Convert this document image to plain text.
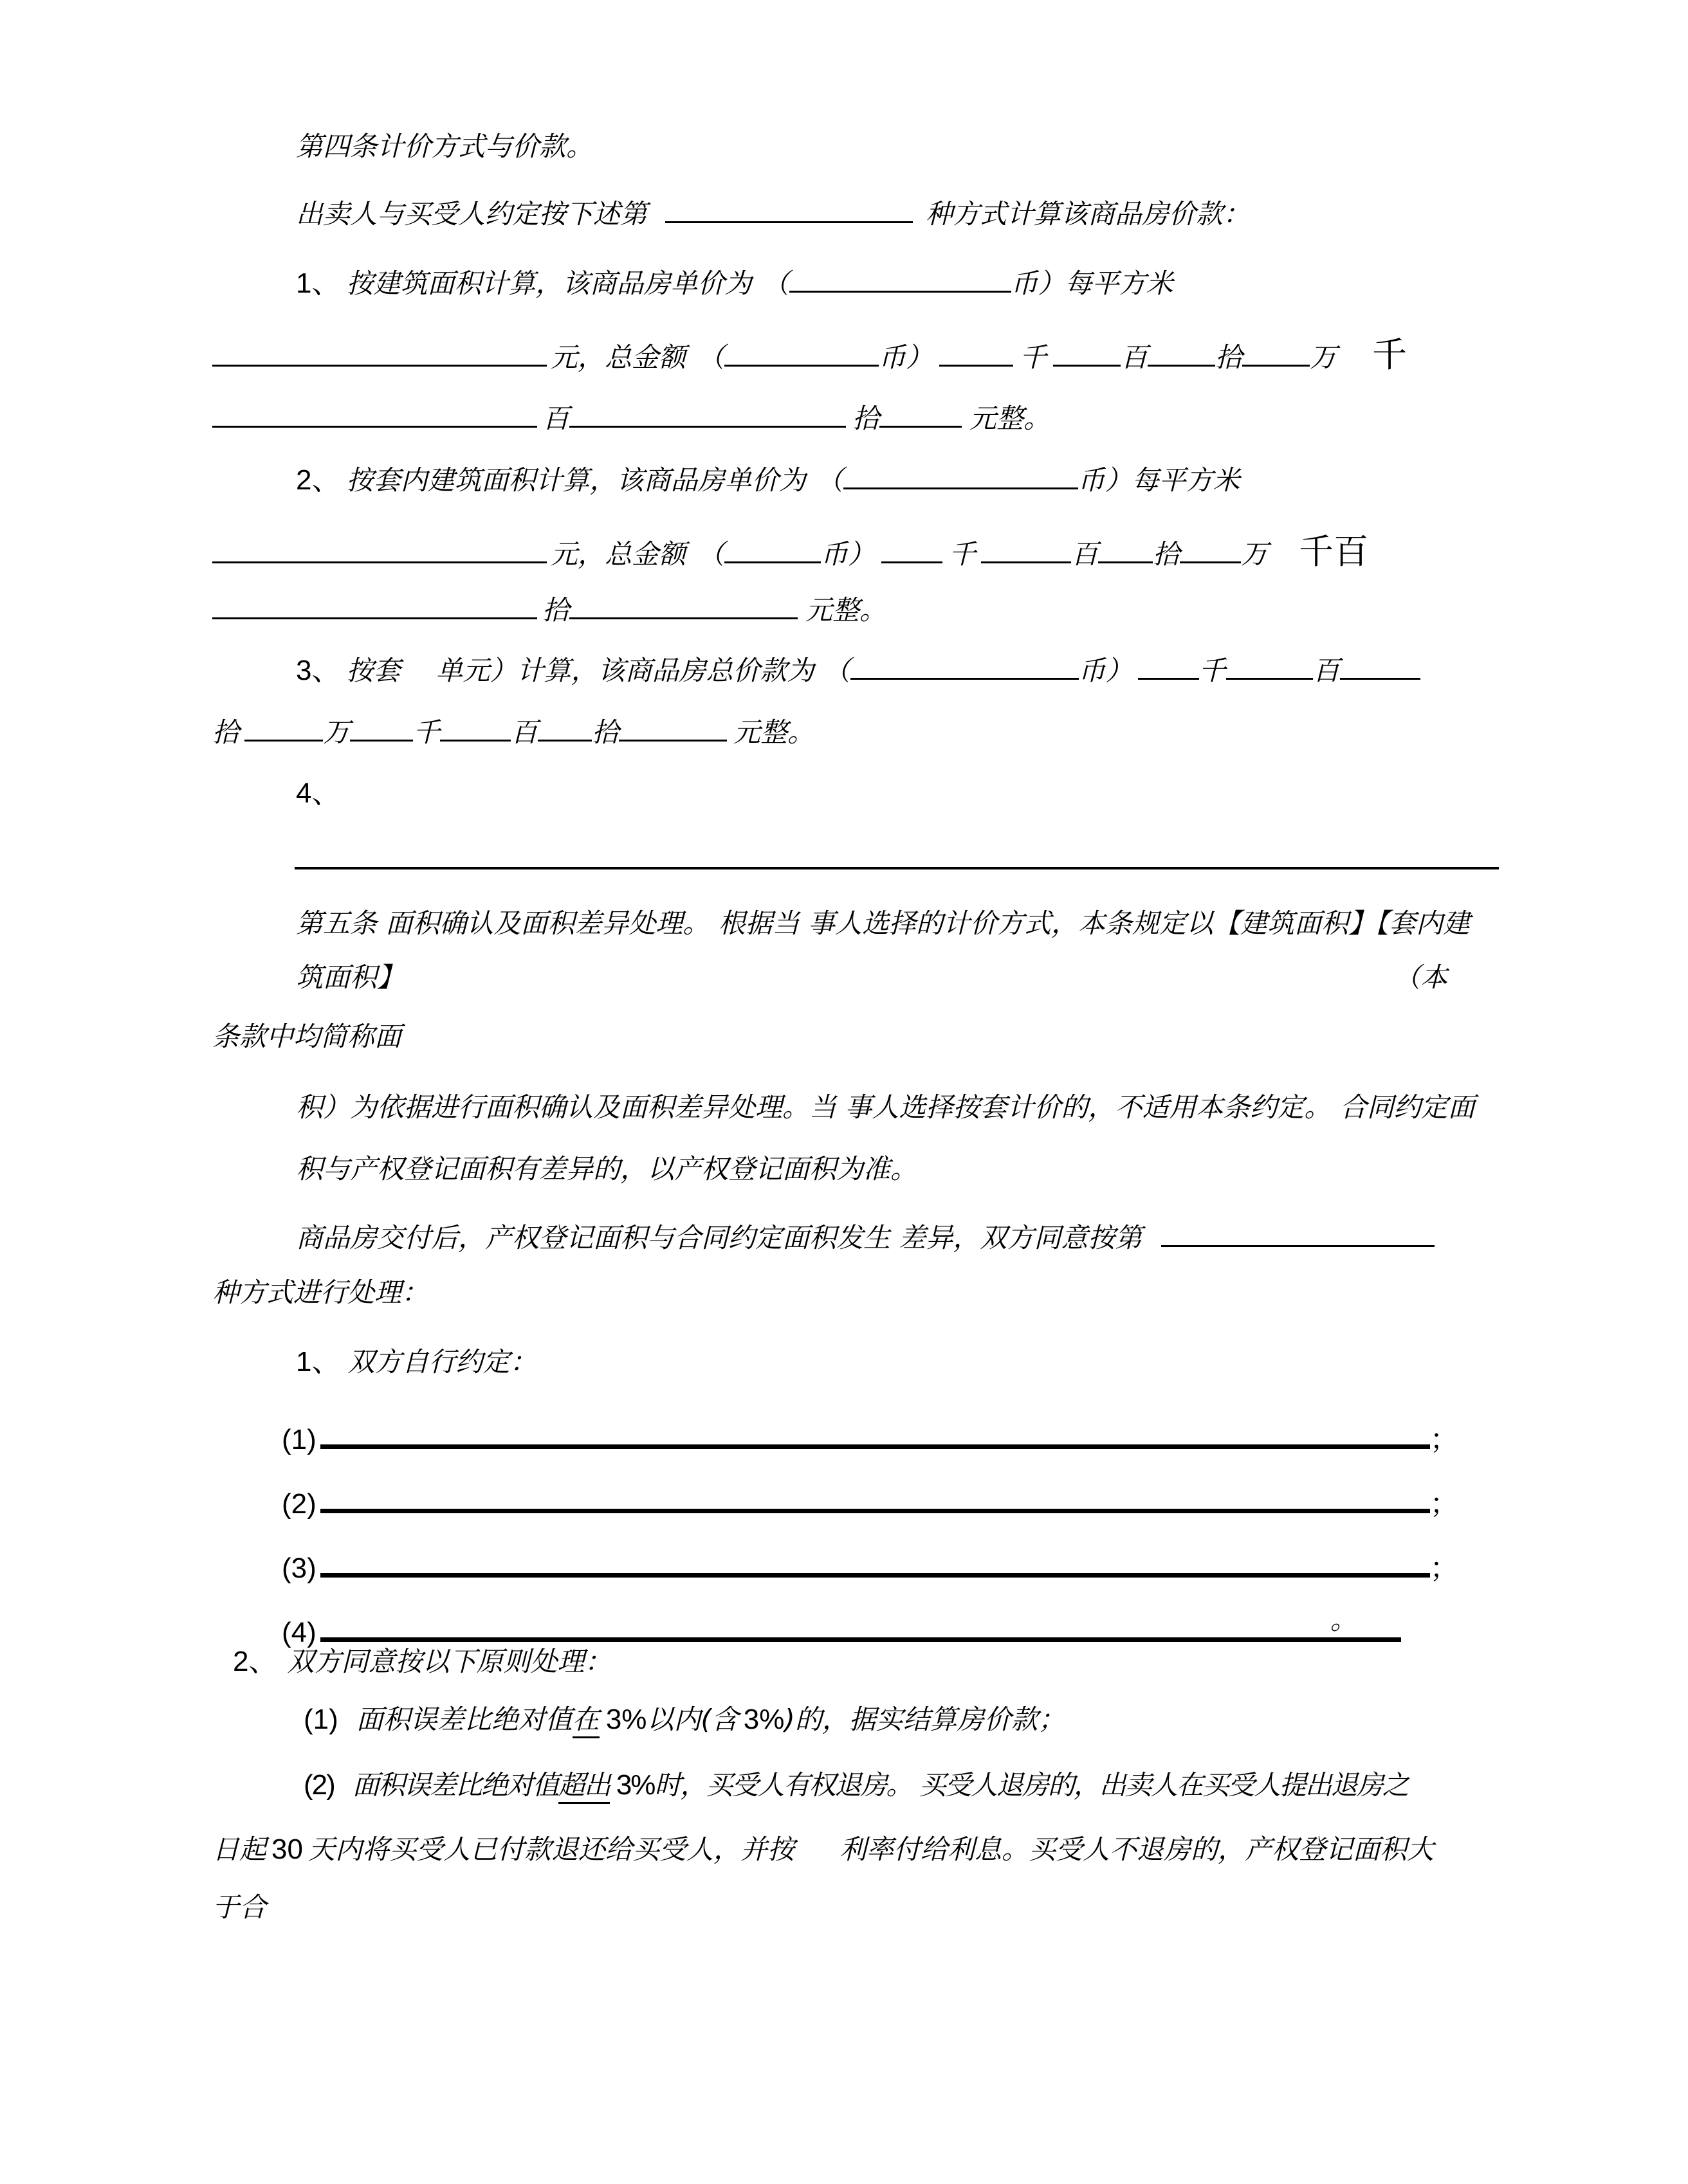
第四条计价方式与价款。
出卖人与买受人约定按下述第	种方式计算该商品房价款：
1、 按建筑面积计算，该商品房单价为 （	币）每平方米
元，总金额 （	币）	千	百	拾	万 千
百	拾	元整。
2、 按套内建筑面积计算，该商品房单价为 （	币）每平方米
元，总金额 （	币）	千	百 拾 万 千百
拾	元整。
3、 按套 单元）计算，该商品房总价款为 （	币） 千	百
拾	万 千	百 拾	元整。
4、
第五条 面积确认及面积差异处理。 根据当 事人选择的计价方式，本条规定以【建筑面积】【套内建
筑面积】	（本
条款中均简称面
积）为依据进行面积确认及面积差异处理。当 事人选择按套计价的，不适用本条约定。 合同约定面
积与产权登记面积有差异的，以产权登记面积为准。
商品房交付后，产权登记面积与合同约定面积发生 差异，双方同意按第
种方式进行处理：
1、 双方自行约定：
(1)	；
(2)	；
(3)	；
(4)	。
2、 双方同意按以下原则处理：
(1) 面积误差比绝对值在 3%以内(含 3%)的，据实结算房价款；
(2) 面积误差比绝对值超出 3%时，买受人有权退房。 买受人退房的，出卖人在买受人提出退房之
日起 30 天内将买受人已付款退还给买受人，并按 利率付给利息。买受人不退房的，产权登记面积大
于合
